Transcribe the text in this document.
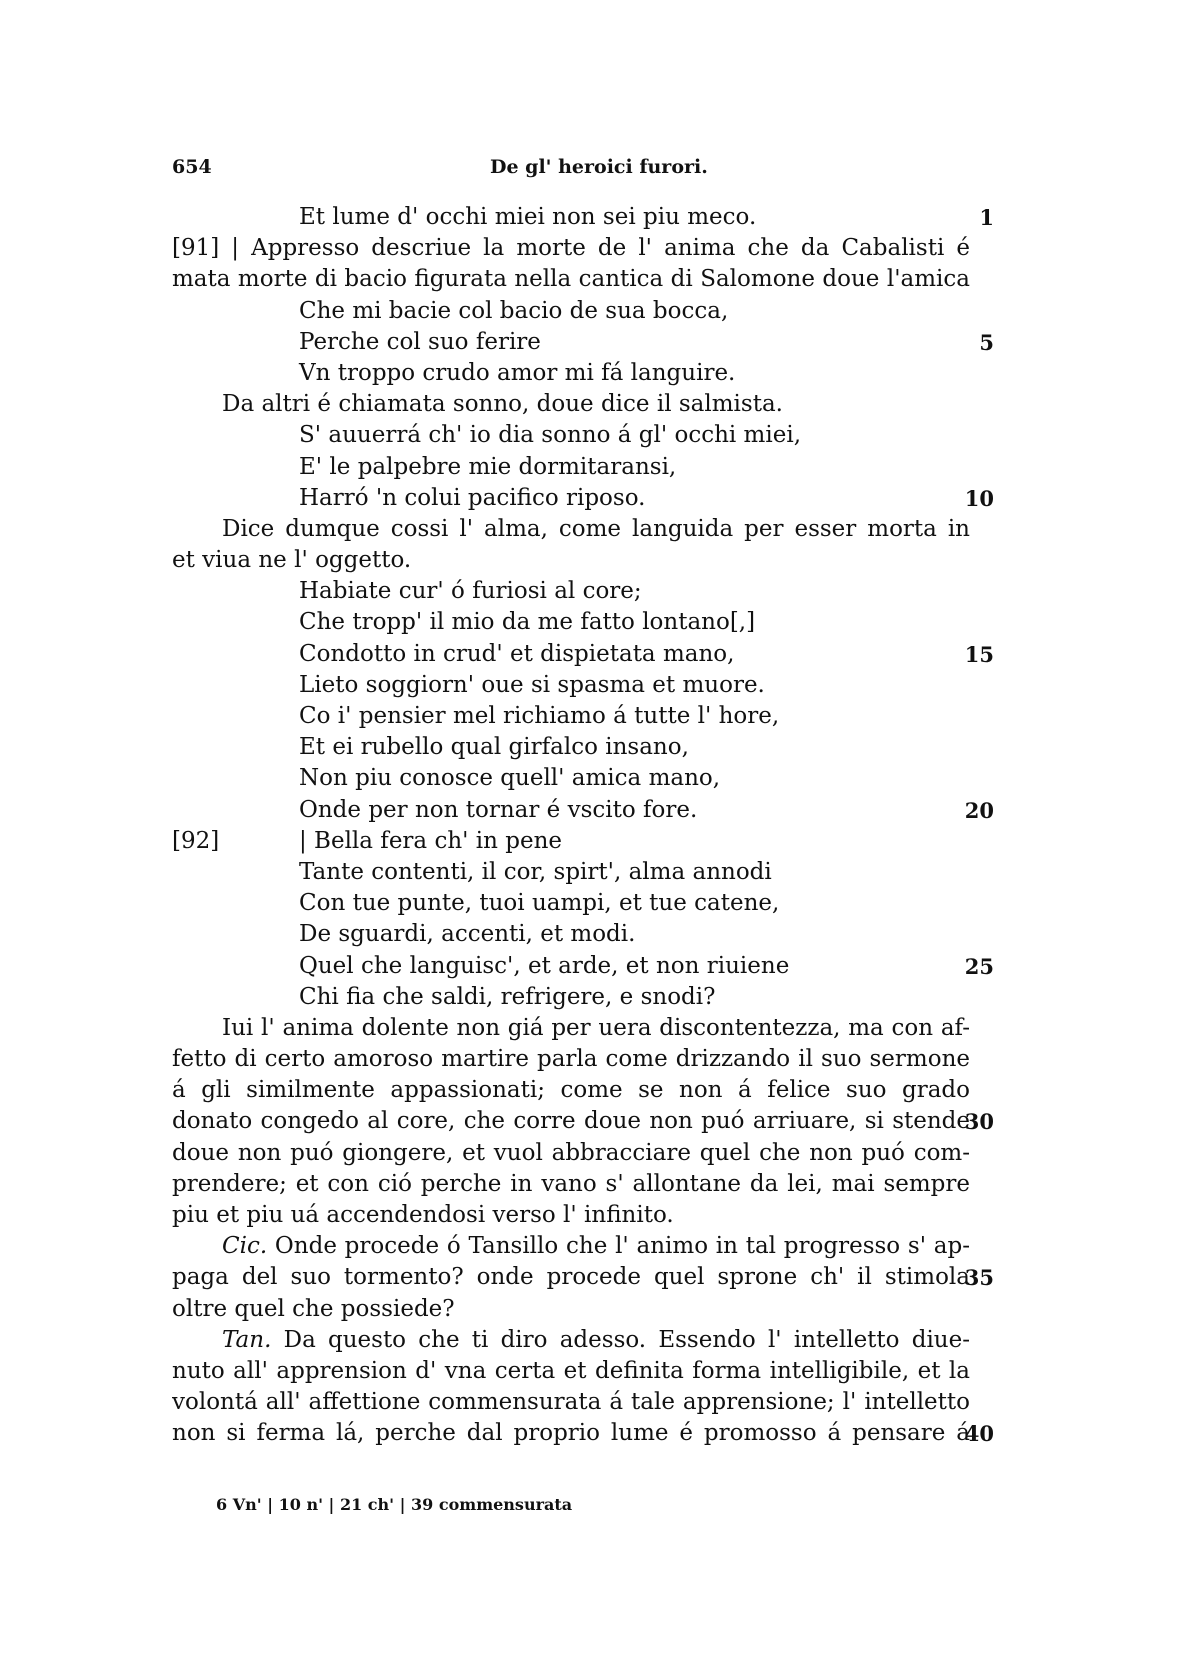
654	De gl' heroici furori.
Et lume d' occhi miei non sei piu meco.	1
[91] | Appresso descriue la morte de l' anima che da Cabalisti é
mata morte di bacio figurata nella cantica di Salomone doue l'amica
Che mi bacie col bacio de sua bocca,
Perche col suo ferire	5
Vn troppo crudo amor mi fá languire.
Da altri é chiamata sonno, doue dice il salmista.
S' auuerrá ch' io dia sonno á gl' occhi miei,
E' le palpebre mie dormitaransi,
Harró 'n colui pacifico riposo.	10
Dice dumque cossi l' alma, come languida per esser morta in
et viua ne l' oggetto.
Habiate cur' ó furiosi al core;
Che tropp' il mio da me fatto lontano[,]
Condotto in crud' et dispietata mano,	15
Lieto soggiorn' oue si spasma et muore.
Co i' pensier mel richiamo á tutte l' hore,
Et ei rubello qual girfalco insano,
Non piu conosce quell' amica mano,
Onde per non tornar é vscito fore.	20
[92]	| Bella fera ch' in pene
Tante contenti, il cor, spirt', alma annodi
Con tue punte, tuoi uampi, et tue catene,
De sguardi, accenti, et modi.
Quel che languisc', et arde, et non riuiene	25
Chi fia che saldi, refrigere, e snodi?
Iui l' anima dolente non giá per uera discontentezza, ma con af-
fetto di certo amoroso martire parla come drizzando il suo sermone
á gli similmente appassionati; come se non á felice suo grado
donato congedo al core, che corre doue non puó arriuare, si stende
30
doue non puó giongere, et vuol abbracciare quel che non puó com-
prendere; et con ció perche in vano s' allontane da lei, mai sempre
piu et piu uá accendendosi verso l' infinito.
Cic. Onde procede ó Tansillo che l' animo in tal progresso s' ap-
paga del suo tormento? onde procede quel sprone ch' il stimola
35
oltre quel che possiede?
Tan. Da questo che ti diro adesso. Essendo l' intelletto diue-
nuto all' apprension d' vna certa et definita forma intelligibile, et la
volontá all' affettione commensurata á tale apprensione; l' intelletto
non si ferma lá, perche dal proprio lume é promosso á pensare á
40
6 Vn' | 10 n' | 21 ch' | 39 commensurata
